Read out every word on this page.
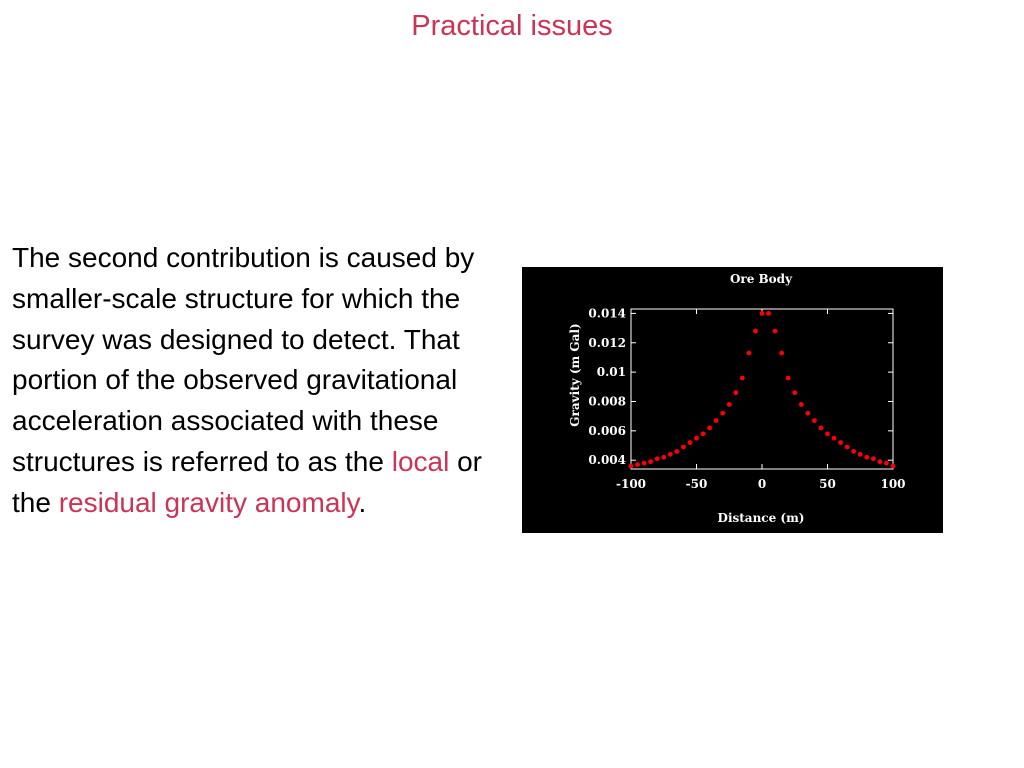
Practical issues
The second contribution is caused by smaller-scale structure for which the survey was designed to detect. That portion of the observed gravitational acceleration associated with these structures is referred to as the local or the residual gravity anomaly.
Ore Body
-100	-50	0	50	100
0.004
0.006
0.008
0.01
0.012
0.014
Distance (m)
Gravity (m Gal)
